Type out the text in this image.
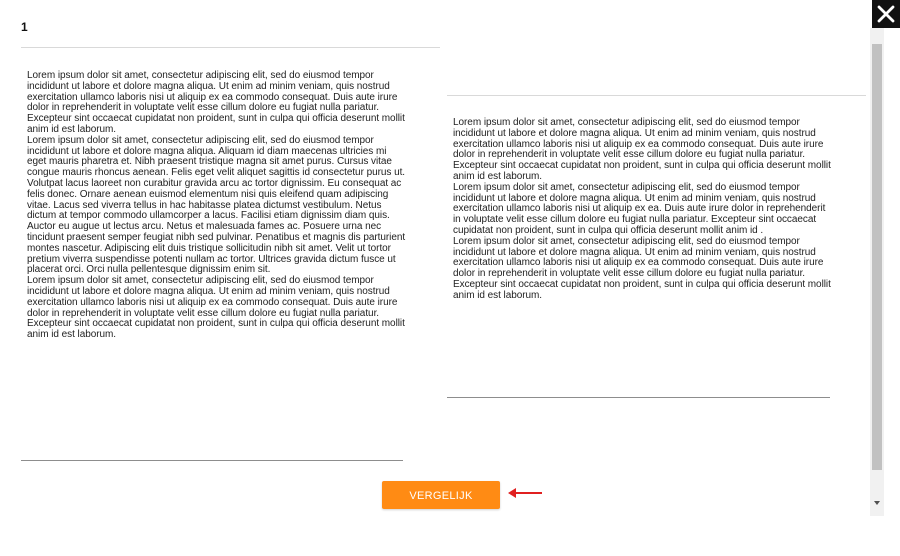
1

Lorem ipsum dolor sit amet, consectetur adipiscing elit, sed do eiusmod tempor incididunt ut labore et dolore magna aliqua. Ut enim ad minim veniam, quis nostrud exercitation ullamco laboris nisi ut aliquip ex ea commodo consequat. Duis aute irure dolor in reprehenderit in voluptate velit esse cillum dolore eu fugiat nulla pariatur. Excepteur sint occaecat cupidatat non proident, sunt in culpa qui officia deserunt mollit anim id est laborum.

Lorem ipsum dolor sit amet, consectetur adipiscing elit, sed do eiusmod tempor incididunt ut labore et dolore magna aliqua. Aliquam id diam maecenas ultricies mi eget mauris pharetra et. Nibh praesent tristique magna sit amet purus. Cursus vitae congue mauris rhoncus aenean. Felis eget velit aliquet sagittis id consectetur purus ut. Volutpat lacus laoreet non curabitur gravida arcu ac tortor dignissim. Eu consequat ac felis donec. Ornare aenean euismod elementum nisi quis eleifend quam adipiscing vitae. Lacus sed viverra tellus in hac habitasse platea dictumst vestibulum. Netus dictum at tempor commodo ullamcorper a lacus. Facilisi etiam dignissim diam quis. Auctor eu augue ut lectus arcu. Netus et malesuada fames ac. Posuere urna nec tincidunt praesent semper feugiat nibh sed pulvinar. Penatibus et magnis dis parturient montes nascetur. Adipiscing elit duis tristique sollicitudin nibh sit amet. Velit ut tortor pretium viverra suspendisse potenti nullam ac tortor. Ultrices gravida dictum fusce ut placerat orci. Orci nulla pellentesque dignissim enim sit.

Lorem ipsum dolor sit amet, consectetur adipiscing elit, sed do eiusmod tempor incididunt ut labore et dolore magna aliqua. Ut enim ad minim veniam, quis nostrud exercitation ullamco laboris nisi ut aliquip ex ea commodo consequat. Duis aute irure dolor in reprehenderit in voluptate velit esse cillum dolore eu fugiat nulla pariatur. Excepteur sint occaecat cupidatat non proident, sunt in culpa qui officia deserunt mollit anim id est laborum.

Lorem ipsum dolor sit amet, consectetur adipiscing elit, sed do eiusmod tempor incididunt ut labore et dolore magna aliqua. Ut enim ad minim veniam, quis nostrud exercitation ullamco laboris nisi ut aliquip ex ea commodo consequat. Duis aute irure dolor in reprehenderit in voluptate velit esse cillum dolore eu fugiat nulla pariatur. Excepteur sint occaecat cupidatat non proident, sunt in culpa qui officia deserunt mollit anim id est laborum.

Lorem ipsum dolor sit amet, consectetur adipiscing elit, sed do eiusmod tempor incididunt ut labore et dolore magna aliqua. Ut enim ad minim veniam, quis nostrud exercitation ullamco laboris nisi ut aliquip ex ea. Duis aute irure dolor in reprehenderit in voluptate velit esse cillum dolore eu fugiat nulla pariatur. Excepteur sint occaecat cupidatat non proident, sunt in culpa qui officia deserunt mollit anim id .

Lorem ipsum dolor sit amet, consectetur adipiscing elit, sed do eiusmod tempor incididunt ut labore et dolore magna aliqua. Ut enim ad minim veniam, quis nostrud exercitation ullamco laboris nisi ut aliquip ex ea commodo consequat. Duis aute irure dolor in reprehenderit in voluptate velit esse cillum dolore eu fugiat nulla pariatur. Excepteur sint occaecat cupidatat non proident, sunt in culpa qui officia deserunt mollit anim id est laborum.

VERGELIJK
